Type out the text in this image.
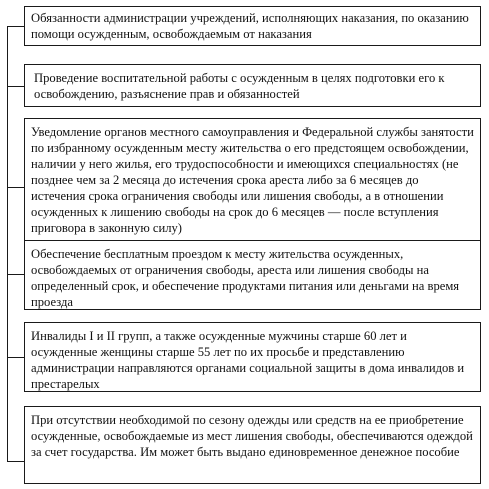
Обязанности администрации учреждений, исполняющих наказания, по оказанию помощи осужденным, освобождаемым от наказания
Проведение воспитательной работы с осужденным в целях подготовки его к освобождению, разъяснение прав и обязанностей
Уведомление органов местного самоуправления и Федеральной службы занятости по избранному осужденным месту жительства о его предстоящем освобождении, наличии у него жилья, его трудоспособности и имеющихся специальностях (не позднее чем за 2 месяца до истечения срока ареста либо за 6 месяцев до истечения срока ограничения свободы или лишения свободы, а в отношении осужденных к лишению свободы на срок до 6 месяцев — после вступления приговора в законную силу)
Обеспечение бесплатным проездом к месту жительства осужденных, освобождаемых от ограничения свободы, ареста или лишения свободы на определенный срок, и обеспечение продуктами питания или деньгами на время проезда
Инвалиды I и II групп, а также осужденные мужчины старше 60 лет и осужденные женщины старше 55 лет по их просьбе и представлению администрации направляются органами социальной защиты в дома инвалидов и престарелых
При отсутствии необходимой по сезону одежды или средств на ее приобретение осужденные, освобождаемые из мест лишения свободы, обеспечиваются одеждой за счет государства. Им может быть выдано единовременное денежное пособие
